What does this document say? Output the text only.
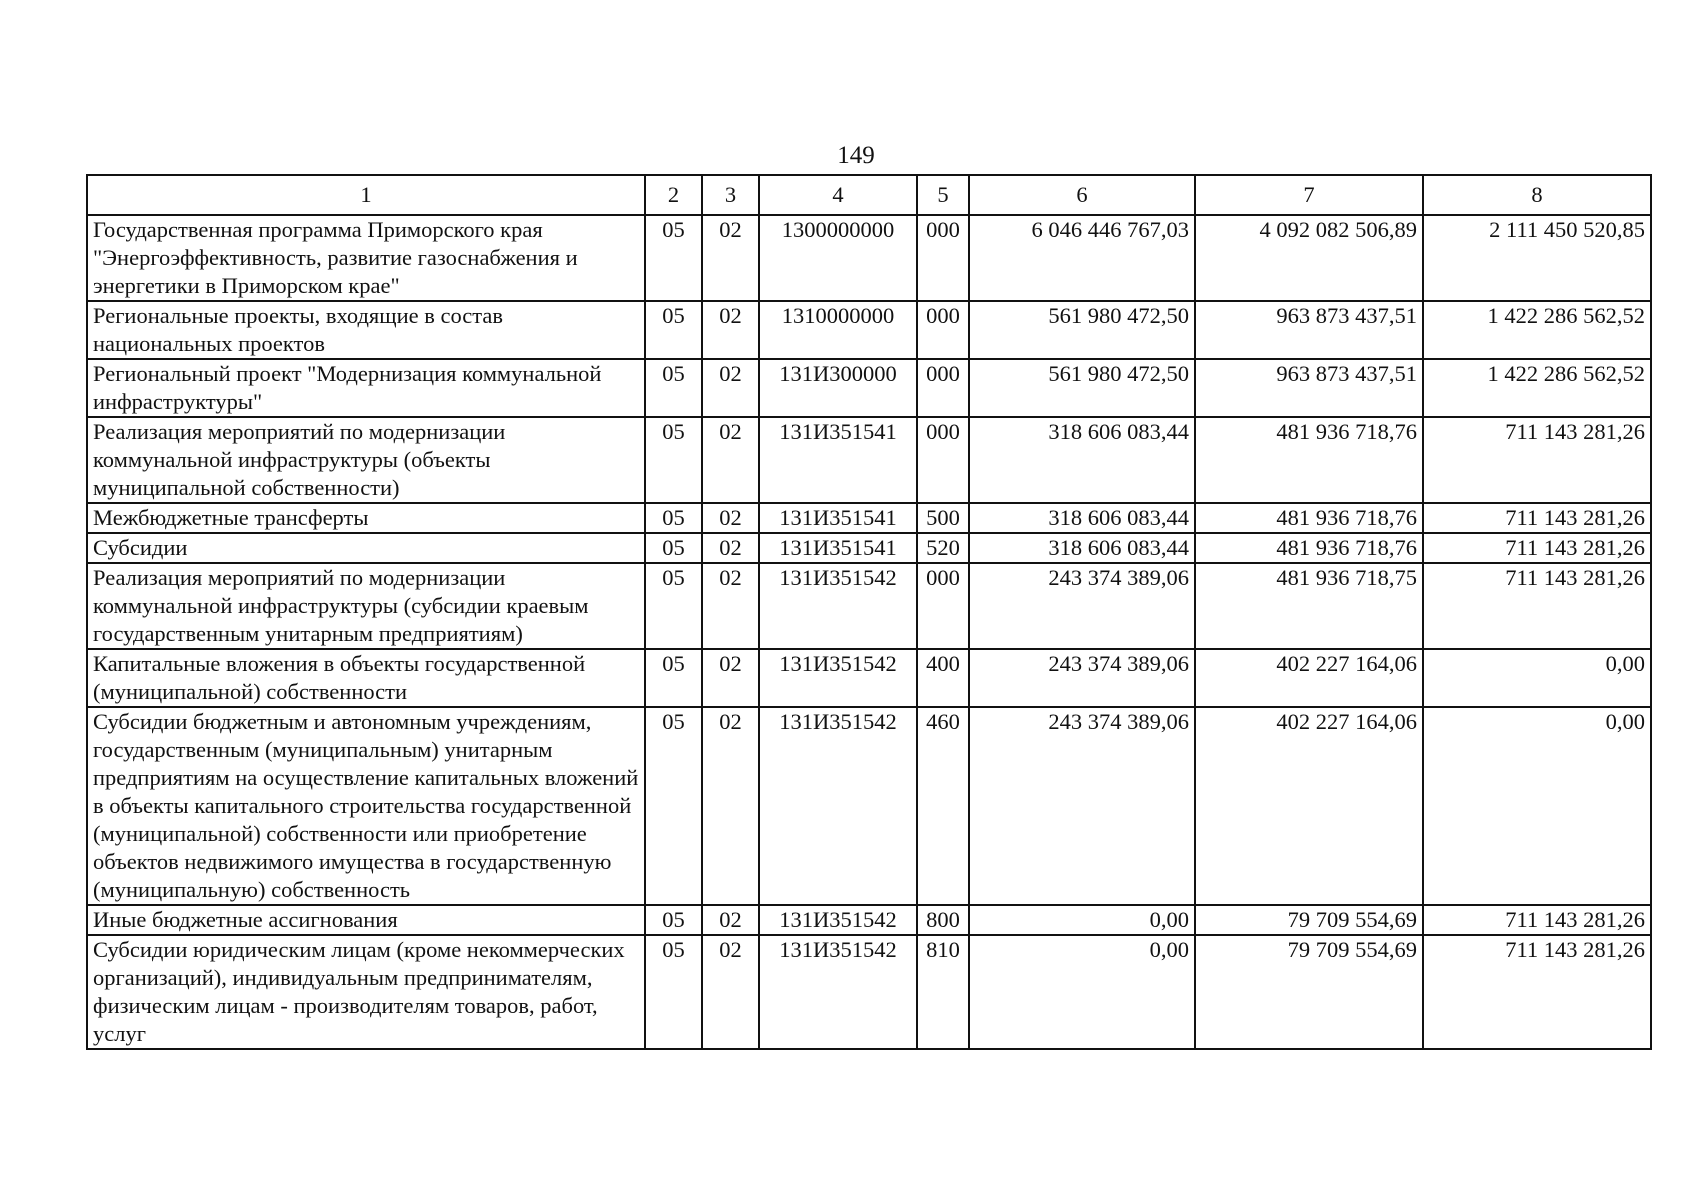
149
1	2	3	4	5	6	7	8
Государственная программа Приморского края "Энергоэффективность, развитие газоснабжения и энергетики в Приморском крае"	05	02	1300000000	000	6 046 446 767,03	4 092 082 506,89	2 111 450 520,85
Региональные проекты, входящие в состав национальных проектов	05	02	1310000000	000	561 980 472,50	963 873 437,51	1 422 286 562,52
Региональный проект "Модернизация коммунальной инфраструктуры"	05	02	131И300000	000	561 980 472,50	963 873 437,51	1 422 286 562,52
Реализация мероприятий по модернизации коммунальной инфраструктуры (объекты муниципальной собственности)	05	02	131И351541	000	318 606 083,44	481 936 718,76	711 143 281,26
Межбюджетные трансферты	05	02	131И351541	500	318 606 083,44	481 936 718,76	711 143 281,26
Субсидии	05	02	131И351541	520	318 606 083,44	481 936 718,76	711 143 281,26
Реализация мероприятий по модернизации коммунальной инфраструктуры (субсидии краевым государственным унитарным предприятиям)	05	02	131И351542	000	243 374 389,06	481 936 718,75	711 143 281,26
Капитальные вложения в объекты государственной (муниципальной) собственности	05	02	131И351542	400	243 374 389,06	402 227 164,06	0,00
Субсидии бюджетным и автономным учреждениям, государственным (муниципальным) унитарным предприятиям на осуществление капитальных вложений в объекты капитального строительства государственной (муниципальной) собственности или приобретение объектов недвижимого имущества в государственную (муниципальную) собственность	05	02	131И351542	460	243 374 389,06	402 227 164,06	0,00
Иные бюджетные ассигнования	05	02	131И351542	800	0,00	79 709 554,69	711 143 281,26
Субсидии юридическим лицам (кроме некоммерческих организаций), индивидуальным предпринимателям, физическим лицам - производителям товаров, работ, услуг	05	02	131И351542	810	0,00	79 709 554,69	711 143 281,26
